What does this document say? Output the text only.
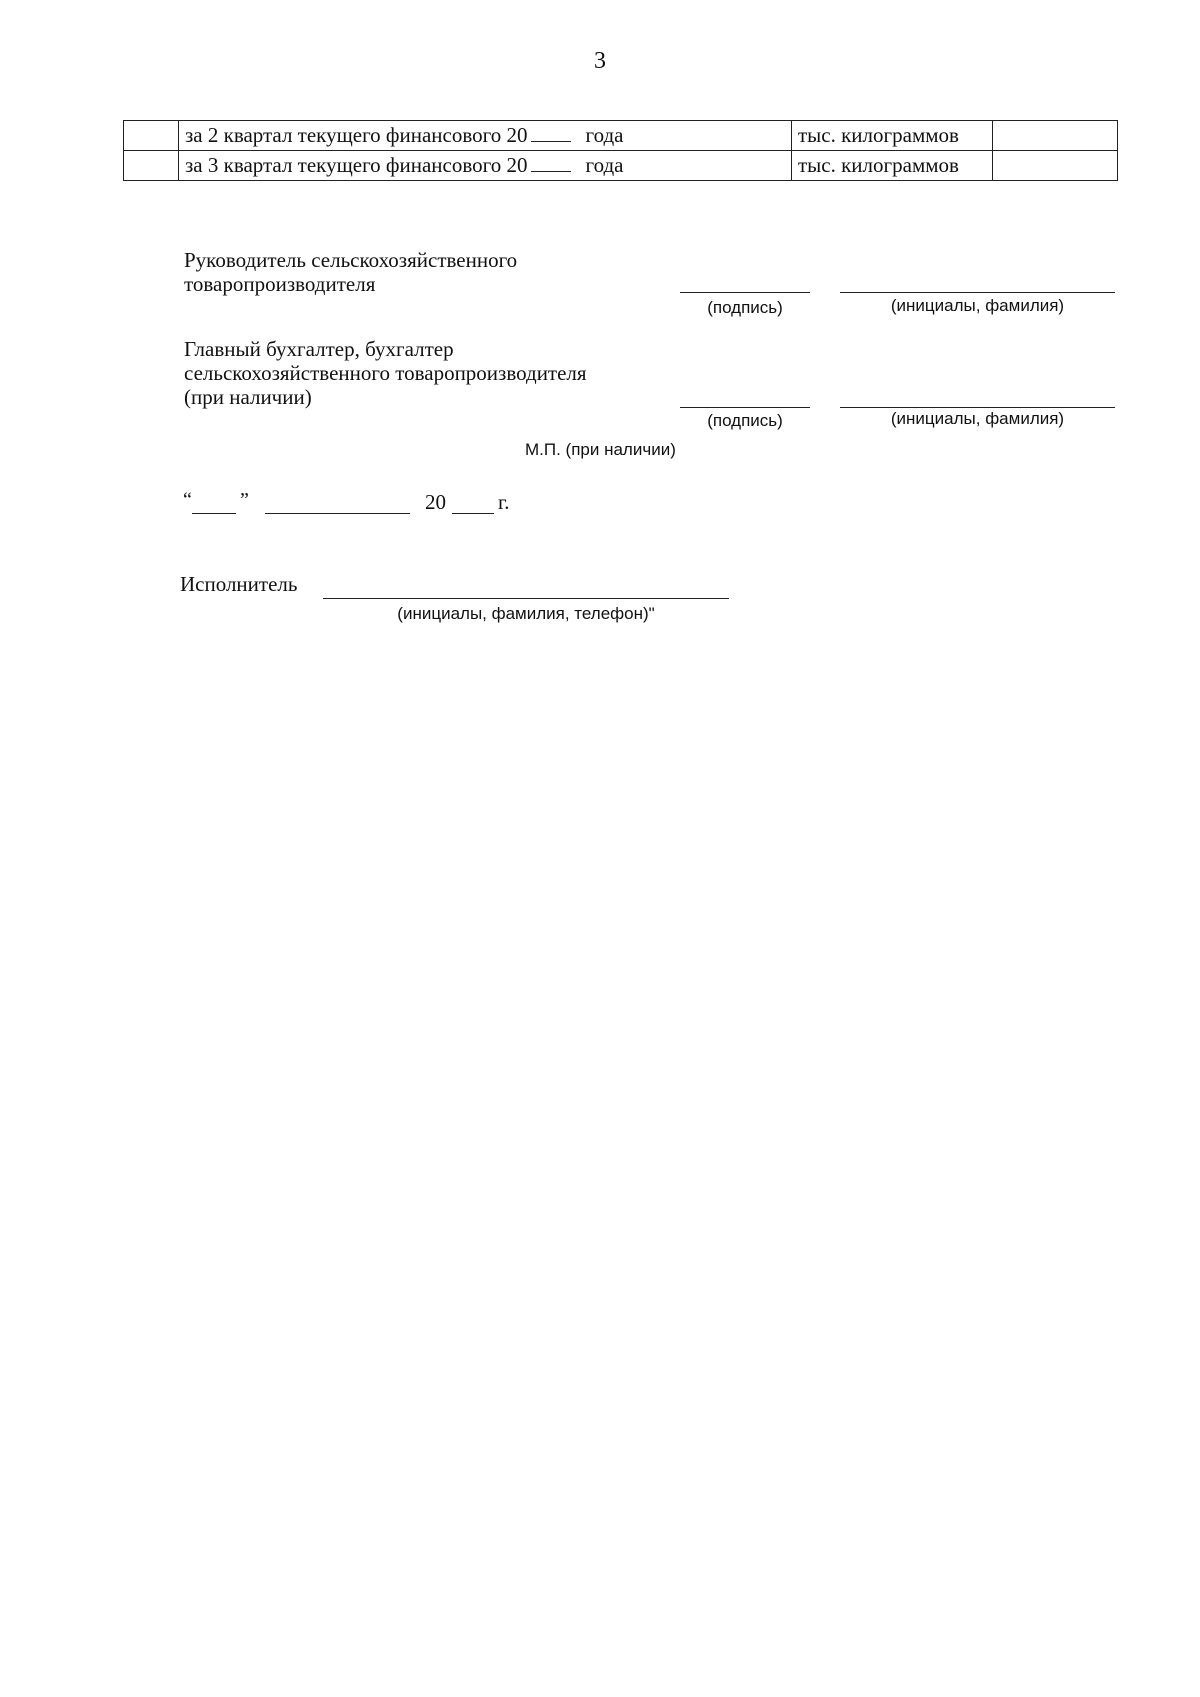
3
	за 2 квартал текущего финансового 20 года	тыс. килограммов	
	за 3 квартал текущего финансового 20 года	тыс. килограммов	
Руководитель сельскохозяйственного
товаропроизводителя
(подпись)	(инициалы, фамилия)
Главный бухгалтер, бухгалтер
сельскохозяйственного товаропроизводителя
(при наличии)
(подпись)	(инициалы, фамилия)
М.П. (при наличии)
“ ”	20 г.
Исполнитель
(инициалы, фамилия, телефон)"
